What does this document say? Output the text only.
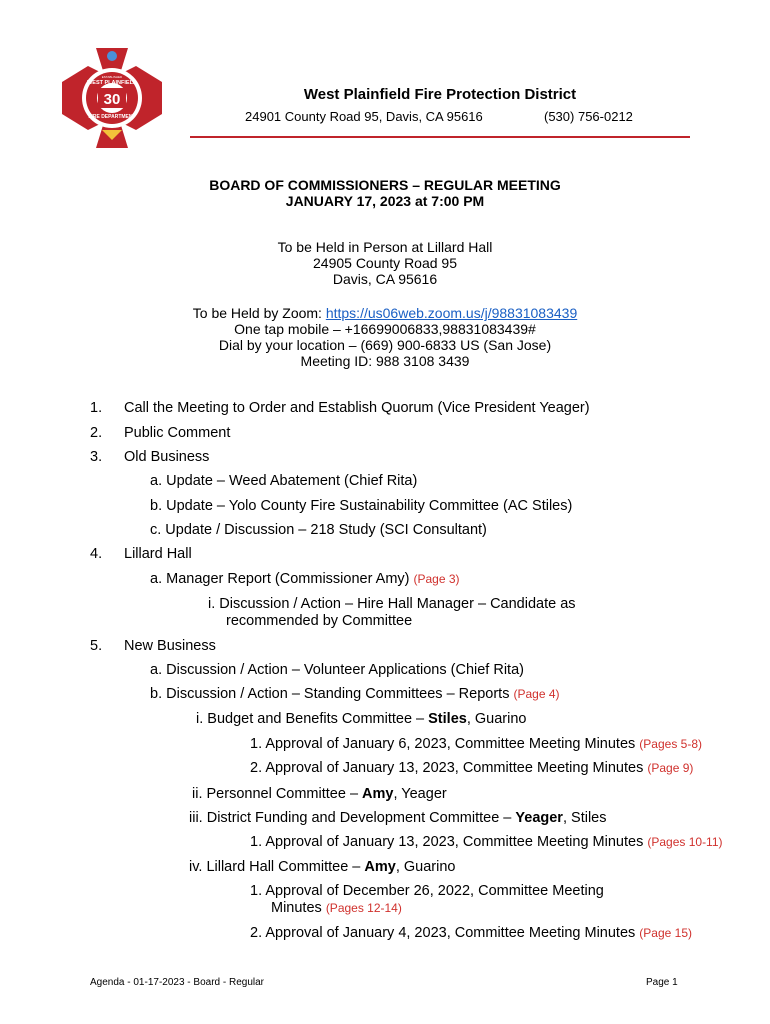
30
WEST PLAINFIELD
FIRE DEPARTMENT
ESTABLISHED
West Plainfield Fire Protection District
24901 County Road 95, Davis, CA 95616	(530) 756-0212
BOARD OF COMMISSIONERS – REGULAR MEETING
JANUARY 17, 2023 at 7:00 PM
To be Held in Person at Lillard Hall
24905 County Road 95
Davis, CA 95616
To be Held by Zoom: https://us06web.zoom.us/j/98831083439
One tap mobile – +16699006833,98831083439#
Dial by your location – (669) 900-6833 US (San Jose)
Meeting ID: 988 3108 3439
1. Call the Meeting to Order and Establish Quorum (Vice President Yeager)
2. Public Comment
3. Old Business
a. Update – Weed Abatement (Chief Rita)
b. Update – Yolo County Fire Sustainability Committee (AC Stiles)
c. Update / Discussion – 218 Study (SCI Consultant)
4. Lillard Hall
a. Manager Report (Commissioner Amy) (Page 3)
i. Discussion / Action – Hire Hall Manager – Candidate as
recommended by Committee
5. New Business
a. Discussion / Action – Volunteer Applications (Chief Rita)
b. Discussion / Action – Standing Committees – Reports (Page 4)
i. Budget and Benefits Committee – Stiles, Guarino
1. Approval of January 6, 2023, Committee Meeting Minutes (Pages 5-8)
2. Approval of January 13, 2023, Committee Meeting Minutes (Page 9)
ii. Personnel Committee – Amy, Yeager
iii. District Funding and Development Committee – Yeager, Stiles
1. Approval of January 13, 2023, Committee Meeting Minutes (Pages 10-11)
iv. Lillard Hall Committee – Amy, Guarino
1. Approval of December 26, 2022, Committee Meeting
Minutes (Pages 12-14)
2. Approval of January 4, 2023, Committee Meeting Minutes (Page 15)
Agenda - 01-17-2023 - Board - Regular	Page 1
